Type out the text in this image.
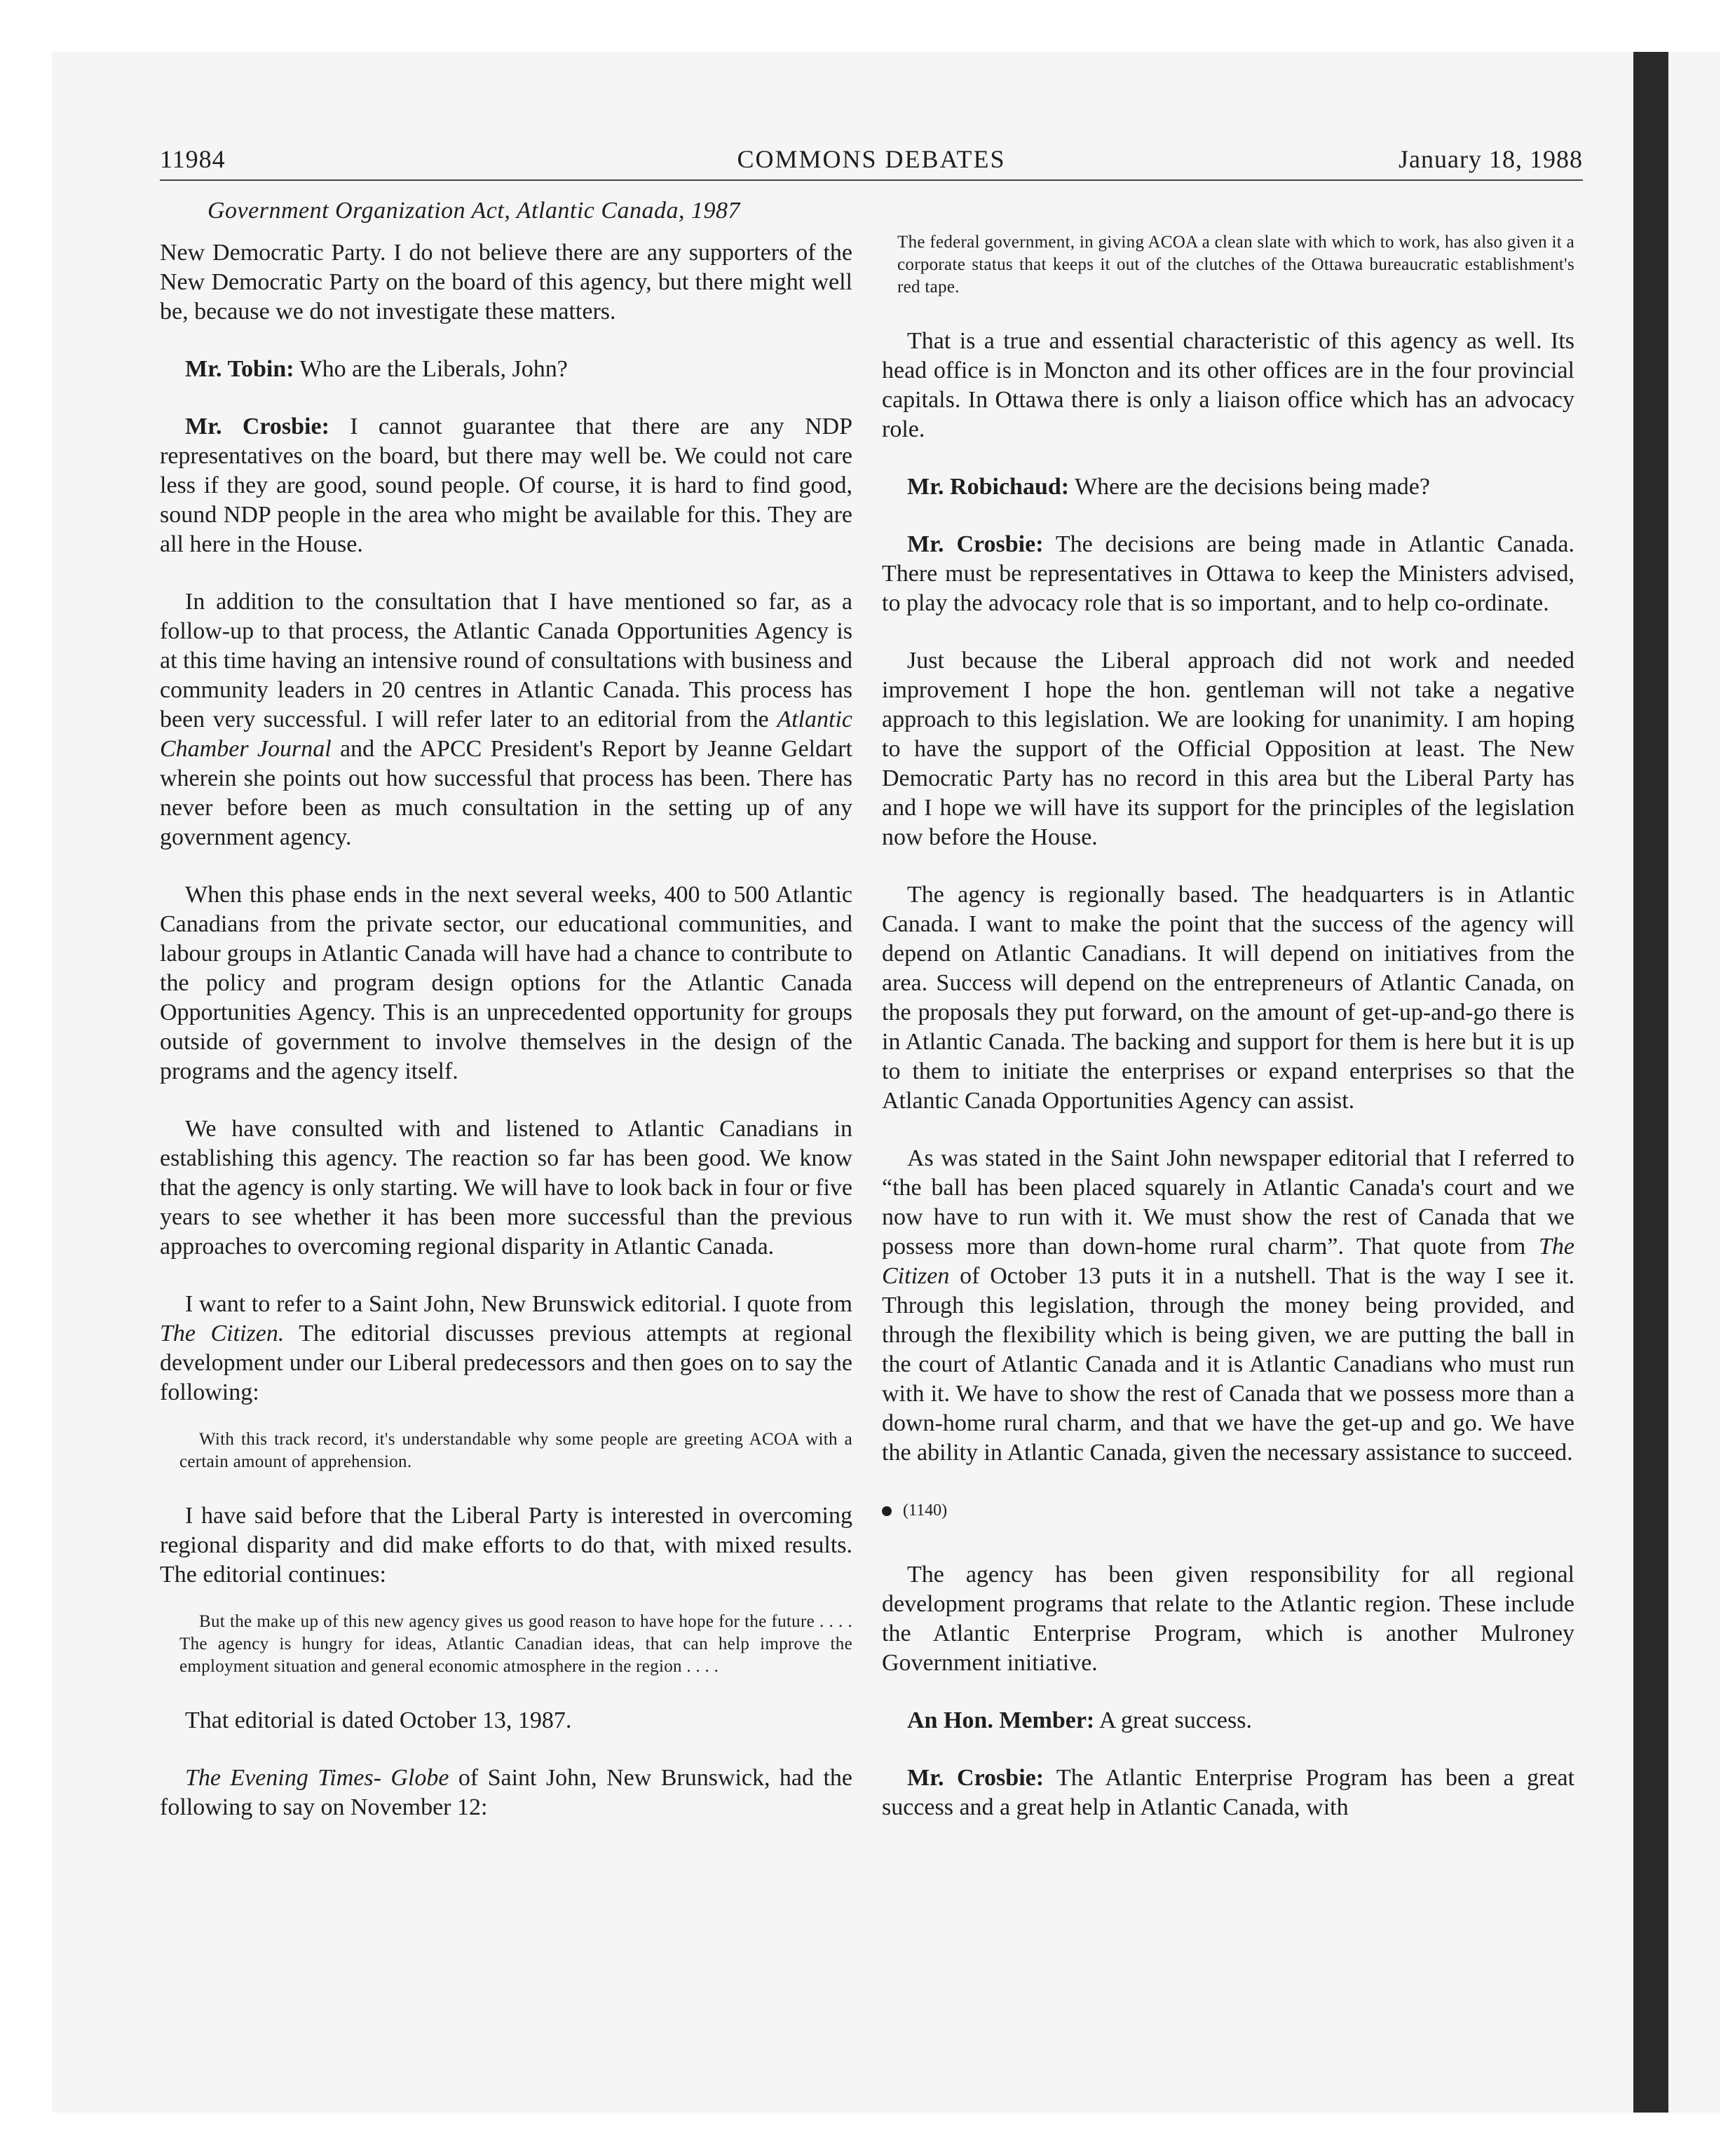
11984	COMMONS DEBATES	January 18, 1988
Government Organization Act, Atlantic Canada, 1987

New Democratic Party. I do not believe there are any supporters of the New Democratic Party on the board of this agency, but there might well be, because we do not investigate these matters.

Mr. Tobin: Who are the Liberals, John?

Mr. Crosbie: I cannot guarantee that there are any NDP representatives on the board, but there may well be. We could not care less if they are good, sound people. Of course, it is hard to find good, sound NDP people in the area who might be available for this. They are all here in the House.

In addition to the consultation that I have mentioned so far, as a follow-up to that process, the Atlantic Canada Opportunities Agency is at this time having an intensive round of consultations with business and community leaders in 20 centres in Atlantic Canada. This process has been very successful. I will refer later to an editorial from the Atlantic Chamber Journal and the APCC President's Report by Jeanne Geldart wherein she points out how successful that process has been. There has never before been as much consultation in the setting up of any government agency.

When this phase ends in the next several weeks, 400 to 500 Atlantic Canadians from the private sector, our educational communities, and labour groups in Atlantic Canada will have had a chance to contribute to the policy and program design options for the Atlantic Canada Opportunities Agency. This is an unprecedented opportunity for groups outside of government to involve themselves in the design of the programs and the agency itself.

We have consulted with and listened to Atlantic Canadians in establishing this agency. The reaction so far has been good. We know that the agency is only starting. We will have to look back in four or five years to see whether it has been more successful than the previous approaches to overcoming regional disparity in Atlantic Canada.

I want to refer to a Saint John, New Brunswick editorial. I quote from The Citizen. The editorial discusses previous attempts at regional development under our Liberal predecessors and then goes on to say the following:

With this track record, it's understandable why some people are greeting ACOA with a certain amount of apprehension.

I have said before that the Liberal Party is interested in overcoming regional disparity and did make efforts to do that, with mixed results. The editorial continues:

But the make up of this new agency gives us good reason to have hope for the future . . . . The agency is hungry for ideas, Atlantic Canadian ideas, that can help improve the employment situation and general economic atmosphere in the region . . . .

That editorial is dated October 13, 1987.

The Evening Times- Globe of Saint John, New Brunswick, had the following to say on November 12:

The federal government, in giving ACOA a clean slate with which to work, has also given it a corporate status that keeps it out of the clutches of the Ottawa bureaucratic establishment's red tape.

That is a true and essential characteristic of this agency as well. Its head office is in Moncton and its other offices are in the four provincial capitals. In Ottawa there is only a liaison office which has an advocacy role.

Mr. Robichaud: Where are the decisions being made?

Mr. Crosbie: The decisions are being made in Atlantic Canada. There must be representatives in Ottawa to keep the Ministers advised, to play the advocacy role that is so important, and to help co-ordinate.

Just because the Liberal approach did not work and needed improvement I hope the hon. gentleman will not take a negative approach to this legislation. We are looking for unanimity. I am hoping to have the support of the Official Opposition at least. The New Democratic Party has no record in this area but the Liberal Party has and I hope we will have its support for the principles of the legislation now before the House.

The agency is regionally based. The headquarters is in Atlantic Canada. I want to make the point that the success of the agency will depend on Atlantic Canadians. It will depend on initiatives from the area. Success will depend on the entrepreneurs of Atlantic Canada, on the proposals they put forward, on the amount of get-up-and-go there is in Atlantic Canada. The backing and support for them is here but it is up to them to initiate the enterprises or expand enterprises so that the Atlantic Canada Opportunities Agency can assist.

As was stated in the Saint John newspaper editorial that I referred to “the ball has been placed squarely in Atlantic Canada's court and we now have to run with it. We must show the rest of Canada that we possess more than down-home rural charm”. That quote from The Citizen of October 13 puts it in a nutshell. That is the way I see it. Through this legislation, through the money being provided, and through the flexibility which is being given, we are putting the ball in the court of Atlantic Canada and it is Atlantic Canadians who must run with it. We have to show the rest of Canada that we possess more than a down-home rural charm, and that we have the get-up and go. We have the ability in Atlantic Canada, given the necessary assistance to succeed.

(1140)

The agency has been given responsibility for all regional development programs that relate to the Atlantic region. These include the Atlantic Enterprise Program, which is another Mulroney Government initiative.

An Hon. Member: A great success.

Mr. Crosbie: The Atlantic Enterprise Program has been a great success and a great help in Atlantic Canada, with
